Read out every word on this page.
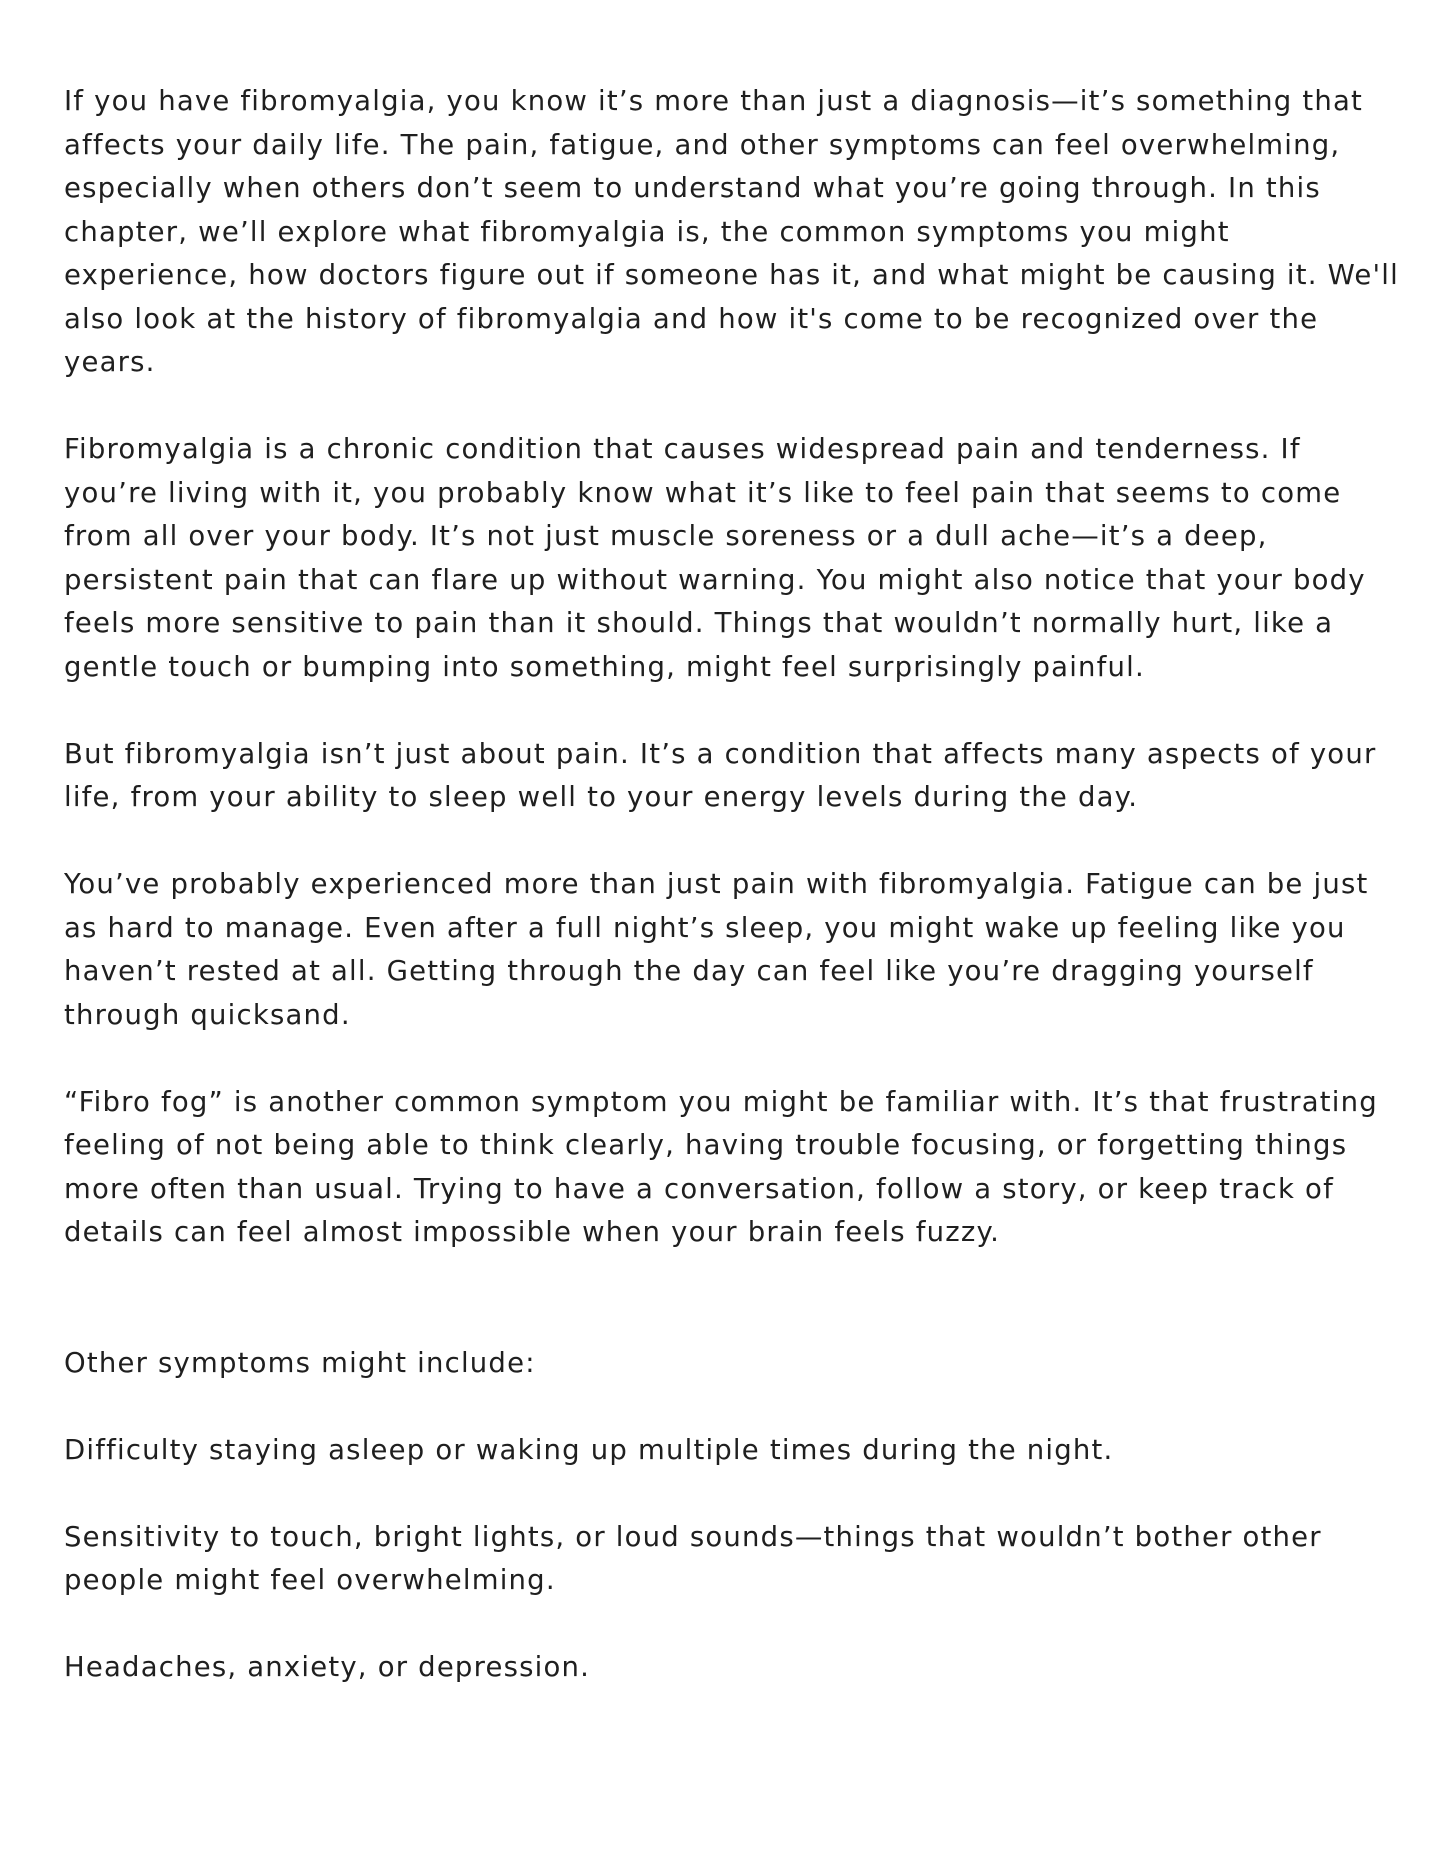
If you have fibromyalgia, you know it’s more than just a diagnosis—it’s something that affects your daily life. The pain, fatigue, and other symptoms can feel overwhelming, especially when others don’t seem to understand what you’re going through. In this chapter, we’ll explore what fibromyalgia is, the common symptoms you might experience, how doctors figure out if someone has it, and what might be causing it. We'll also look at the history of fibromyalgia and how it's come to be recognized over the years.

Fibromyalgia is a chronic condition that causes widespread pain and tenderness. If you’re living with it, you probably know what it’s like to feel pain that seems to come from all over your body. It’s not just muscle soreness or a dull ache—it’s a deep, persistent pain that can flare up without warning. You might also notice that your body feels more sensitive to pain than it should. Things that wouldn’t normally hurt, like a gentle touch or bumping into something, might feel surprisingly painful.

But fibromyalgia isn’t just about pain. It’s a condition that affects many aspects of your life, from your ability to sleep well to your energy levels during the day.

You’ve probably experienced more than just pain with fibromyalgia. Fatigue can be just as hard to manage. Even after a full night’s sleep, you might wake up feeling like you haven’t rested at all. Getting through the day can feel like you’re dragging yourself through quicksand.

“Fibro fog” is another common symptom you might be familiar with. It’s that frustrating feeling of not being able to think clearly, having trouble focusing, or forgetting things more often than usual. Trying to have a conversation, follow a story, or keep track of details can feel almost impossible when your brain feels fuzzy.

Other symptoms might include:

Difficulty staying asleep or waking up multiple times during the night.

Sensitivity to touch, bright lights, or loud sounds—things that wouldn’t bother other people might feel overwhelming.

Headaches, anxiety, or depression.
